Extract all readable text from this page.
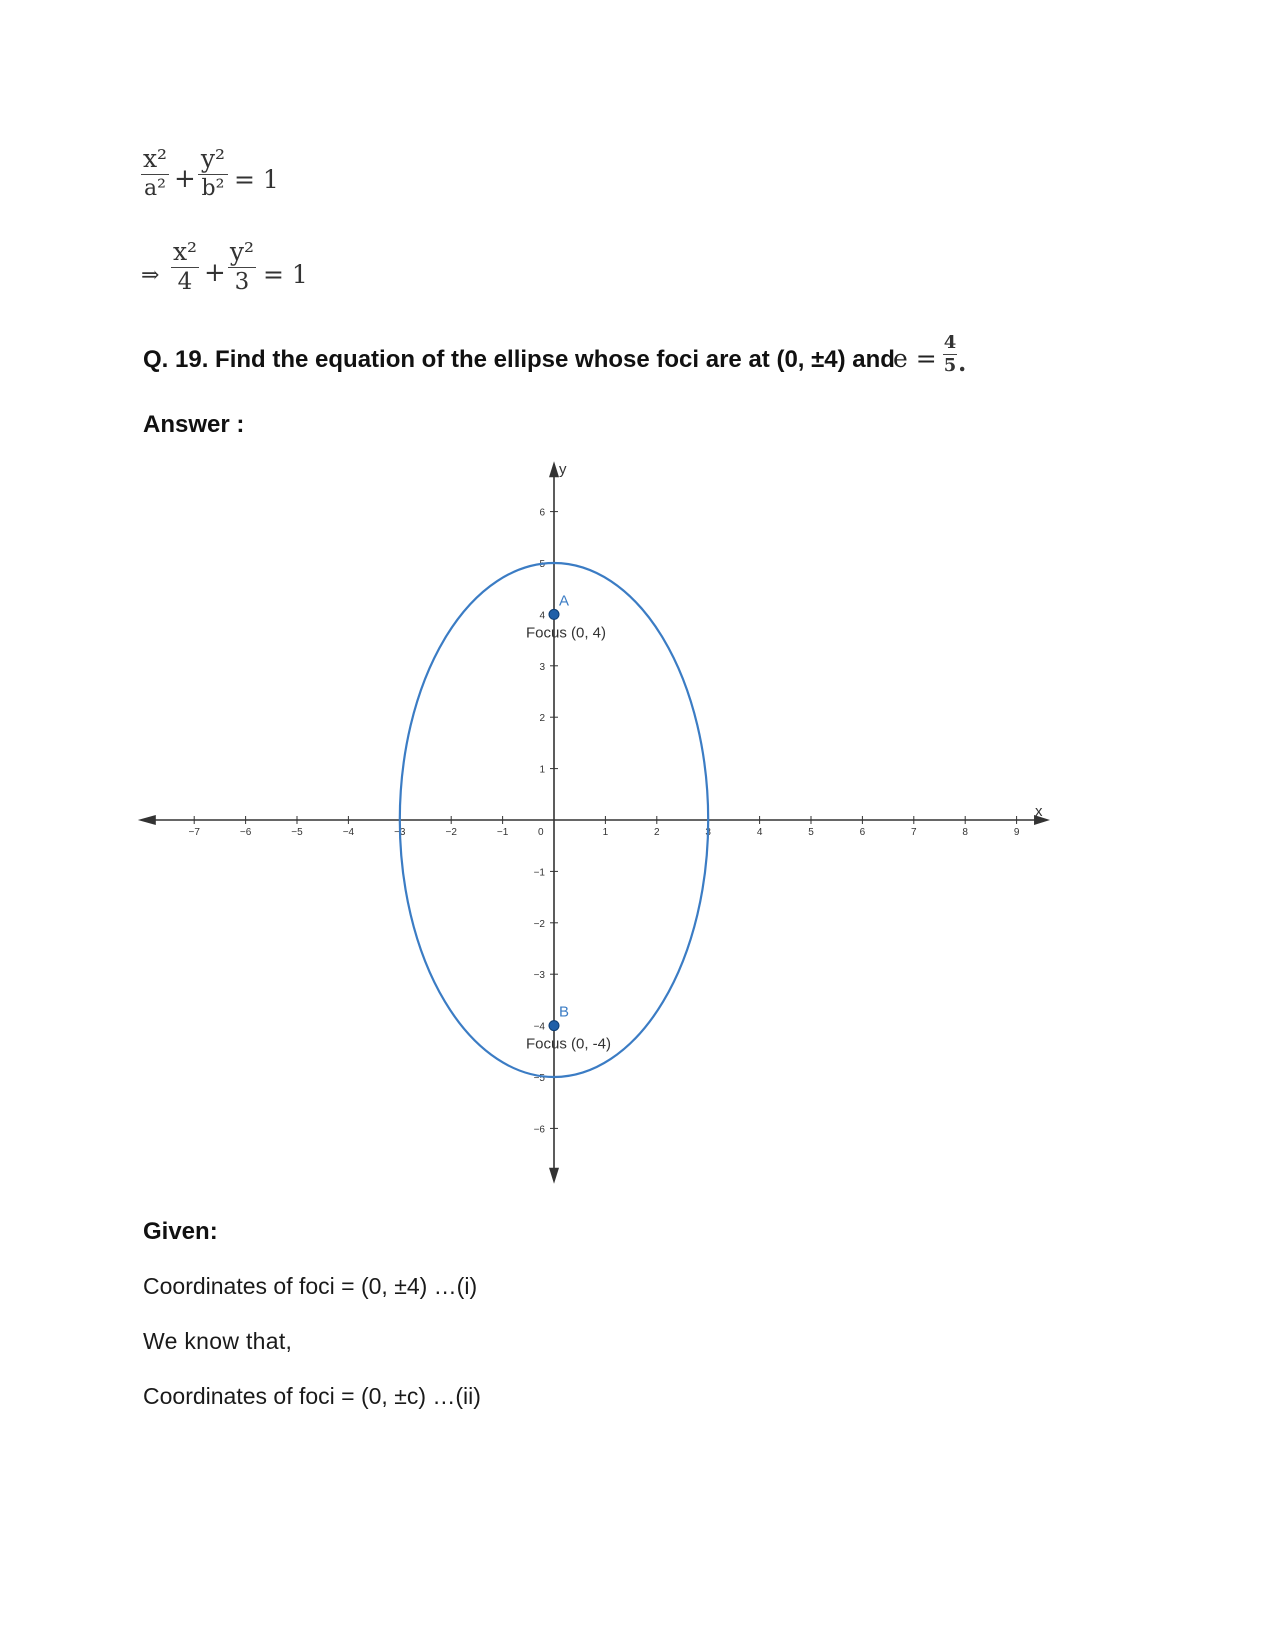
x²
a² +
y²
b² = 1
⇒
x²
4 +
y²
3 = 1
Q. 19. Find the equation of the ellipse whose foci are at (0, ±4) and
e =
4
5 .
Answer :
x
y
−7	−6	−5	−4	−3	−2	−1	0	1	2	3	4	5	6	7	8	9
−6
−5
−4
−3
−2
−1
1
2
3
4
5
6
A
Focus (0, 4)
B
Focus (0, -4)
Given:
Coordinates of foci = (0, ±4) …(i)
We know that,
Coordinates of foci = (0, ±c) …(ii)
